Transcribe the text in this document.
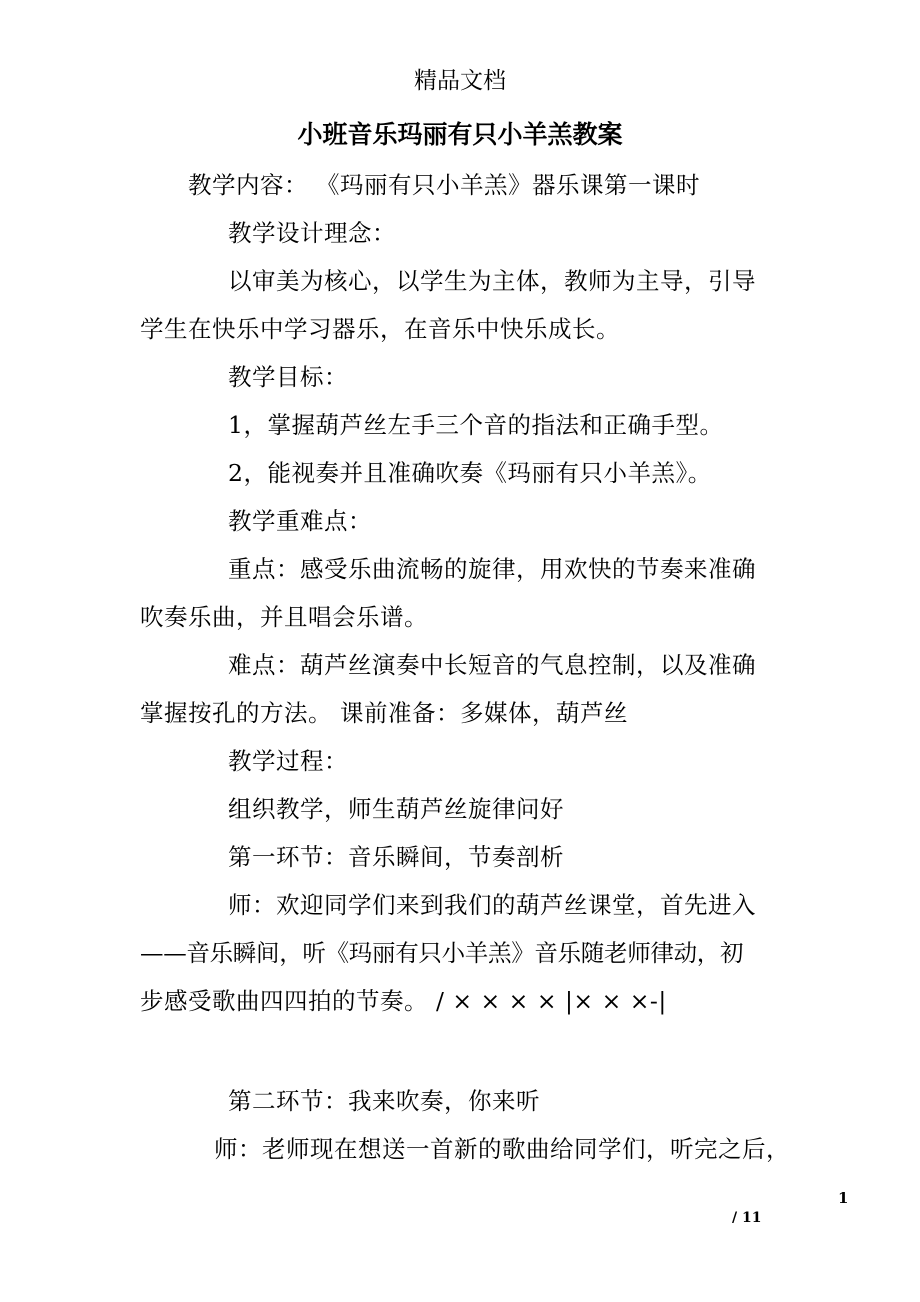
精品文档
小班音乐玛丽有只小羊羔教案
教学内容： 《玛丽有只小羊羔》器乐课第一课时
教学设计理念：
以审美为核心，以学生为主体，教师为主导，引导
学生在快乐中学习器乐，在音乐中快乐成长。
教学目标：
1，掌握葫芦丝左手三个音的指法和正确手型。
2，能视奏并且准确吹奏《玛丽有只小羊羔》。
教学重难点：
重点：感受乐曲流畅的旋律，用欢快的节奏来准确
吹奏乐曲，并且唱会乐谱。
难点：葫芦丝演奏中长短音的气息控制，以及准确
掌握按孔的方法。 课前准备：多媒体，葫芦丝
教学过程：
组织教学，师生葫芦丝旋律问好
第一环节：音乐瞬间，节奏剖析
师：欢迎同学们来到我们的葫芦丝课堂，首先进入
——音乐瞬间，听《玛丽有只小羊羔》音乐随老师律动，初
步感受歌曲四四拍的节奏。 / × × × × |× × ×-|
第二环节：我来吹奏，你来听
师：老师现在想送一首新的歌曲给同学们，听完之后，
1
/ 11
